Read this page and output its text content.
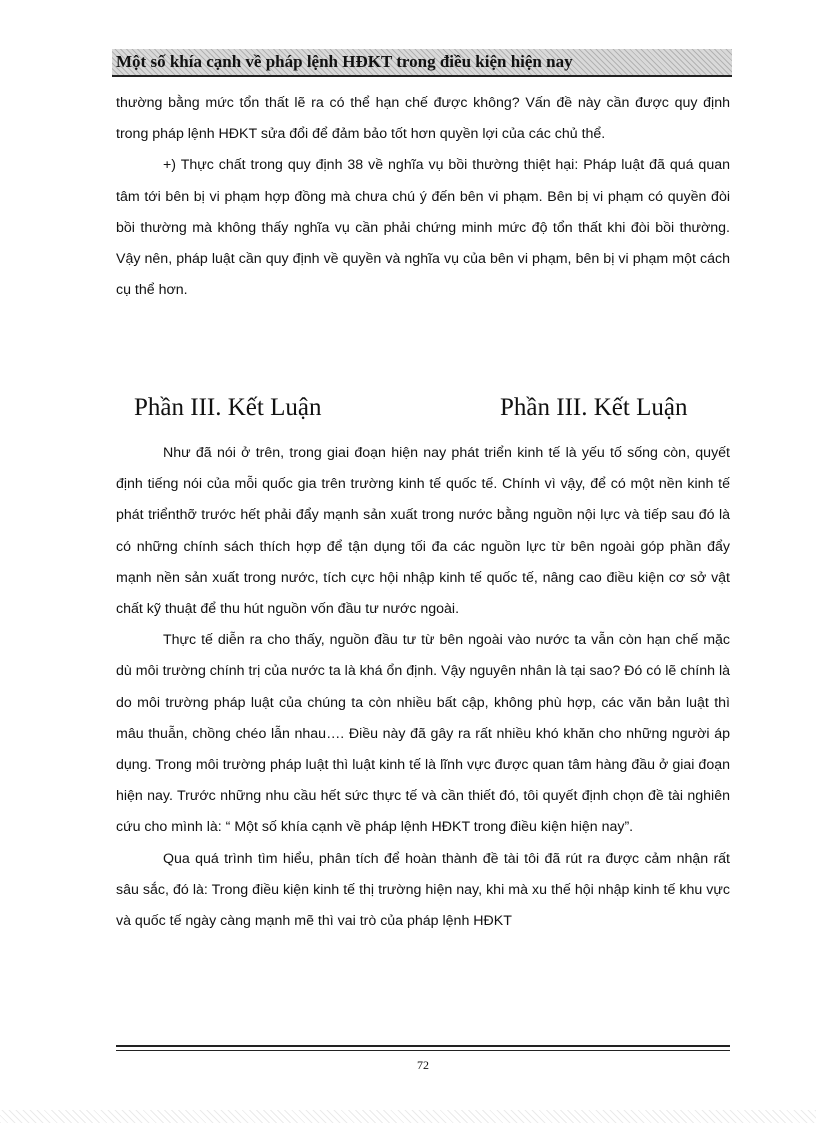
Một số khía cạnh về pháp lệnh HĐKT trong điều kiện hiện nay

thường bằng mức tổn thất lẽ ra có thể hạn chế được không? Vấn đề này cần được quy định trong pháp lệnh HĐKT sửa đổi để đảm bảo tốt hơn quyền lợi của các chủ thể.

+) Thực chất trong quy định 38 về nghĩa vụ bồi thường thiệt hại: Pháp luật đã quá quan tâm tới bên bị vi phạm hợp đồng mà chưa chú ý đến bên vi phạm. Bên bị vi phạm có quyền đòi bồi thường mà không thấy nghĩa vụ cần phải chứng minh mức độ tổn thất khi đòi bồi thường. Vậy nên, pháp luật cần quy định về quyền và nghĩa vụ của bên vi phạm, bên bị vi phạm một cách cụ thể hơn.

Phần III. Kết Luận	Phần III. Kết Luận

Như đã nói ở trên, trong giai đoạn hiện nay phát triển kinh tế là yếu tố sống còn, quyết định tiếng nói của mỗi quốc gia trên trường kinh tế quốc tế. Chính vì vậy, để có một nền kinh tế phát triểnthỡ trước hết phải đẩy mạnh sản xuất trong nước bằng nguồn nội lực và tiếp sau đó là có những chính sách thích hợp để tận dụng tối đa các nguồn lực từ bên ngoài góp phần đẩy mạnh nền sản xuất trong nước, tích cực hội nhập kinh tế quốc tế, nâng cao điều kiện cơ sở vật chất kỹ thuật để thu hút nguồn vốn đầu tư nước ngoài.

Thực tế diễn ra cho thấy, nguồn đầu tư từ bên ngoài vào nước ta vẫn còn hạn chế mặc dù môi trường chính trị của nước ta là khá ổn định. Vậy nguyên nhân là tại sao? Đó có lẽ chính là do môi trường pháp luật của chúng ta còn nhiều bất cập, không phù hợp, các văn bản luật thì mâu thuẫn, chồng chéo lẫn nhau…. Điều này đã gây ra rất nhiều khó khăn cho những người áp dụng. Trong môi trường pháp luật thì luật kinh tế là lĩnh vực được quan tâm hàng đầu ở giai đoạn hiện nay. Trước những nhu cầu hết sức thực tế và cần thiết đó, tôi quyết định chọn đề tài nghiên cứu cho mình là: “ Một số khía cạnh về pháp lệnh HĐKT trong điều kiện hiện nay”.

Qua quá trình tìm hiểu, phân tích để hoàn thành đề tài tôi đã rút ra được cảm nhận rất sâu sắc, đó là: Trong điều kiện kinh tế thị trường hiện nay, khi mà xu thế hội nhập kinh tế khu vực và quốc tế ngày càng mạnh mẽ thì vai trò của pháp lệnh HĐKT

72
